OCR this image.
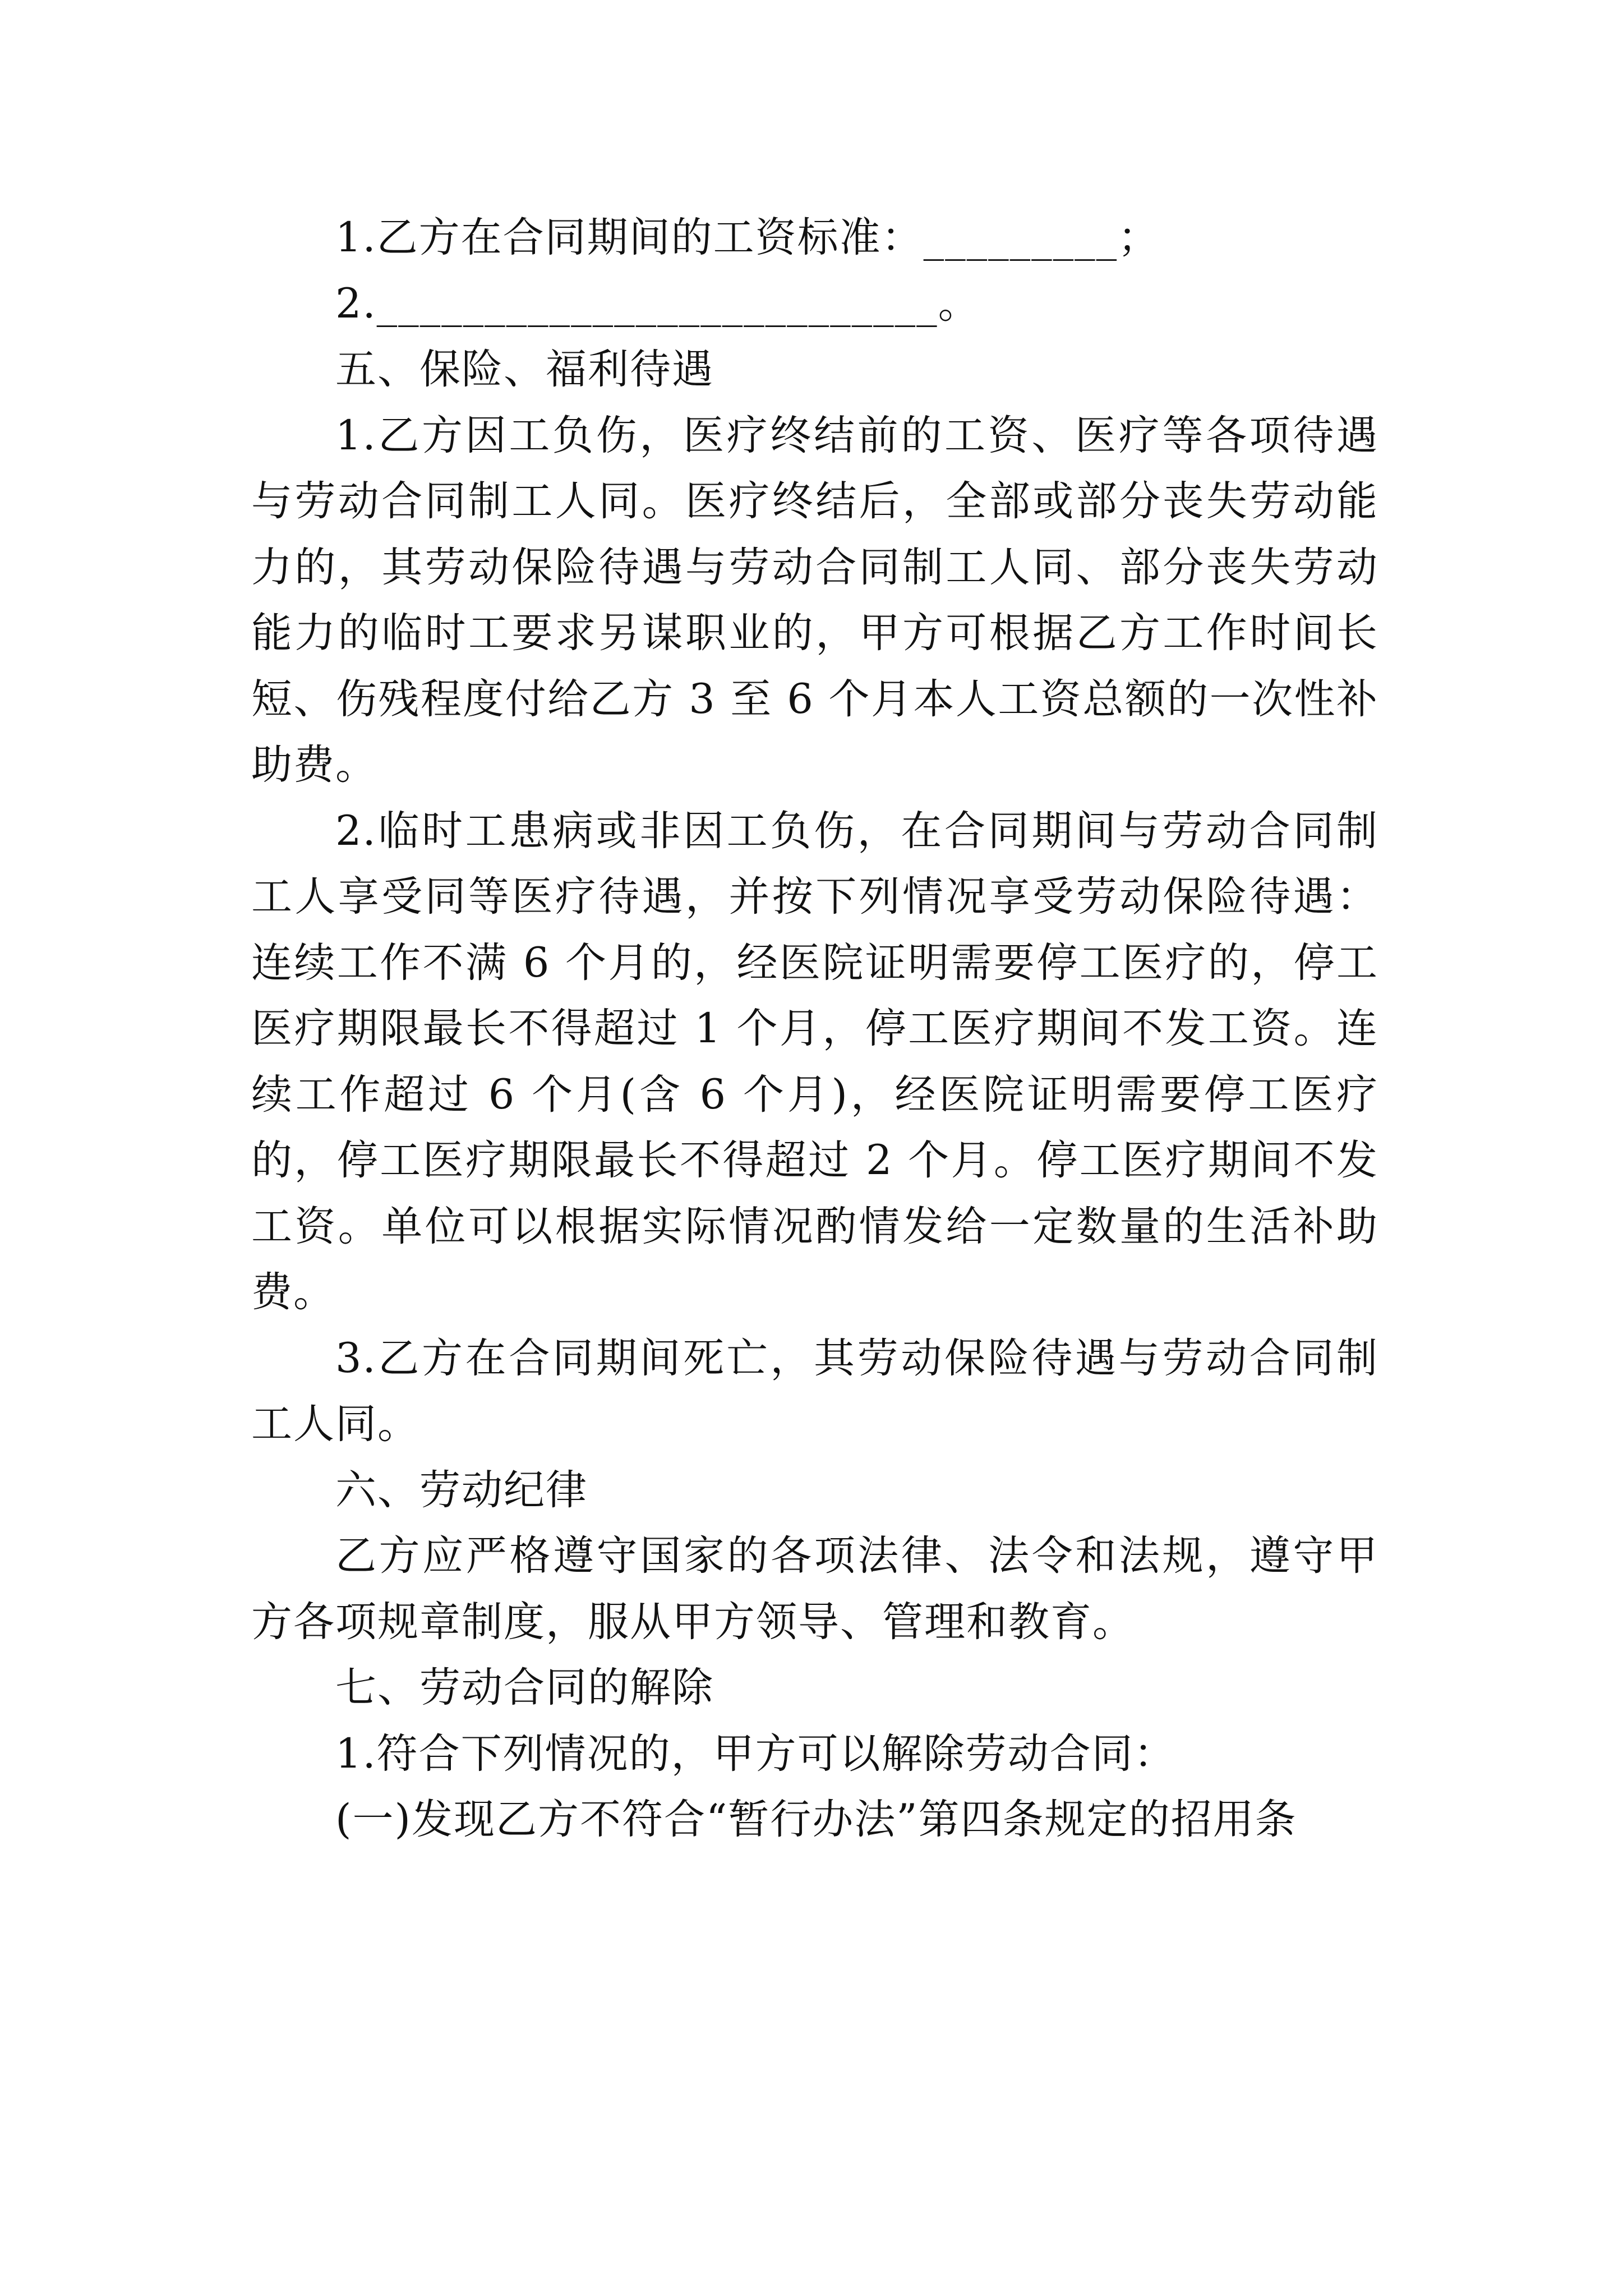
1.乙方在合同期间的工资标准：_________；

2.__________________________。

五、保险、福利待遇

1.乙方因工负伤，医疗终结前的工资、医疗等各项待遇与劳动合同制工人同。医疗终结后，全部或部分丧失劳动能力的，其劳动保险待遇与劳动合同制工人同、部分丧失劳动能力的临时工要求另谋职业的，甲方可根据乙方工作时间长短、伤残程度付给乙方 3 至 6 个月本人工资总额的一次性补助费。

2.临时工患病或非因工负伤，在合同期间与劳动合同制工人享受同等医疗待遇，并按下列情况享受劳动保险待遇：连续工作不满 6 个月的，经医院证明需要停工医疗的，停工医疗期限最长不得超过 1 个月，停工医疗期间不发工资。连续工作超过 6 个月(含 6 个月)，经医院证明需要停工医疗的，停工医疗期限最长不得超过 2 个月。停工医疗期间不发工资。单位可以根据实际情况酌情发给一定数量的生活补助费。

3.乙方在合同期间死亡，其劳动保险待遇与劳动合同制工人同。

六、劳动纪律

乙方应严格遵守国家的各项法律、法令和法规，遵守甲方各项规章制度，服从甲方领导、管理和教育。

七、劳动合同的解除

1.符合下列情况的，甲方可以解除劳动合同：

(一)发现乙方不符合“暂行办法”第四条规定的招用条
